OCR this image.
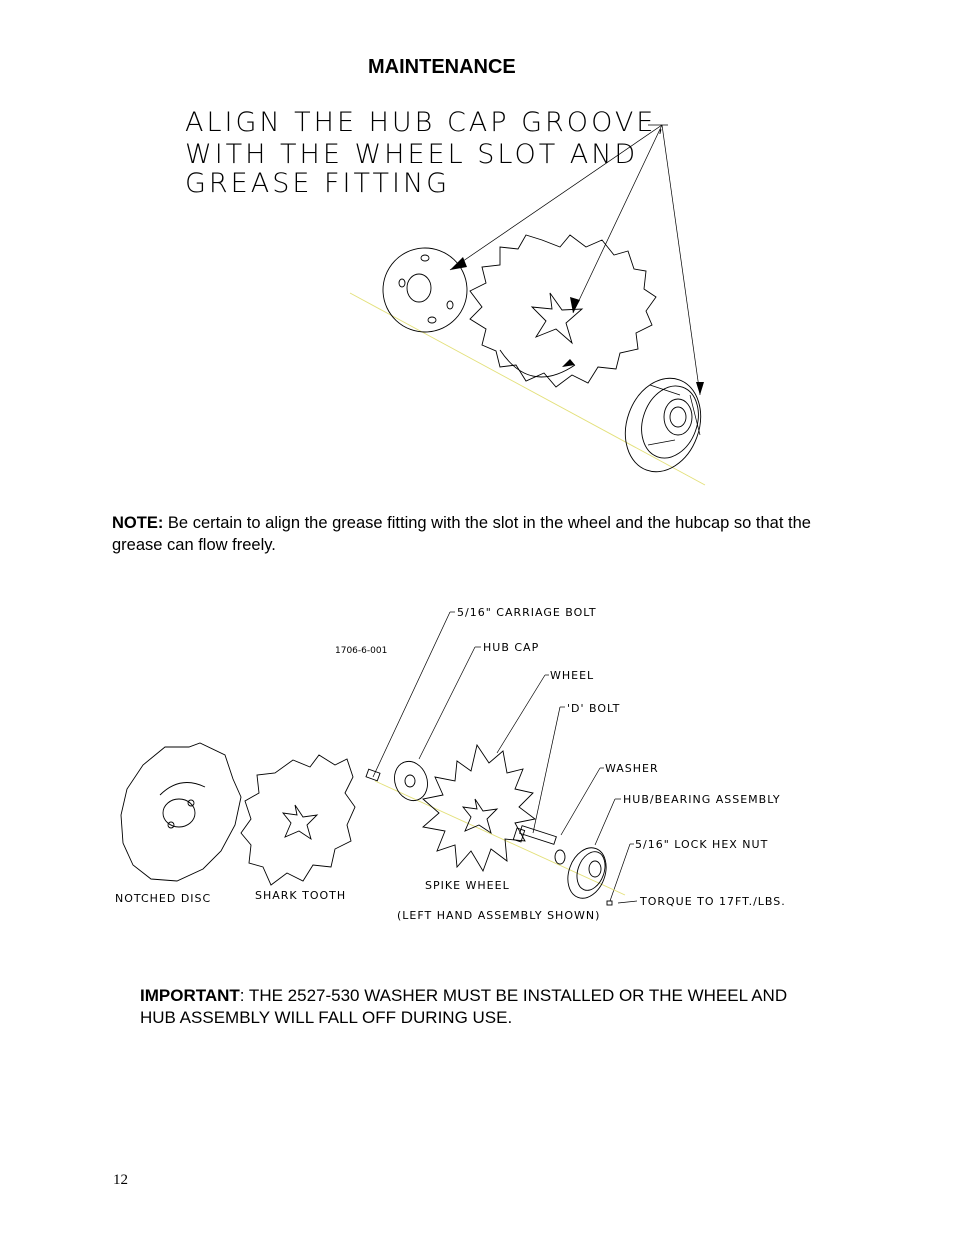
MAINTENANCE
ALIGN THE HUB CAP GROOVE,
WITH THE WHEEL SLOT AND
GREASE FITTING
NOTE: Be certain to align the grease fitting with the slot in the wheel and the hubcap so that the grease can flow freely.
1706-6-001
5/16" CARRIAGE BOLT
HUB CAP
WHEEL
'D' BOLT
WASHER
HUB/BEARING ASSEMBLY
5/16" LOCK HEX NUT
TORQUE TO 17FT./LBS.
NOTCHED DISC	SHARK TOOTH
SPIKE WHEEL
(LEFT HAND ASSEMBLY SHOWN)
IMPORTANT: THE 2527-530 WASHER MUST BE INSTALLED OR THE WHEEL AND HUB ASSEMBLY WILL FALL OFF DURING USE.
12
